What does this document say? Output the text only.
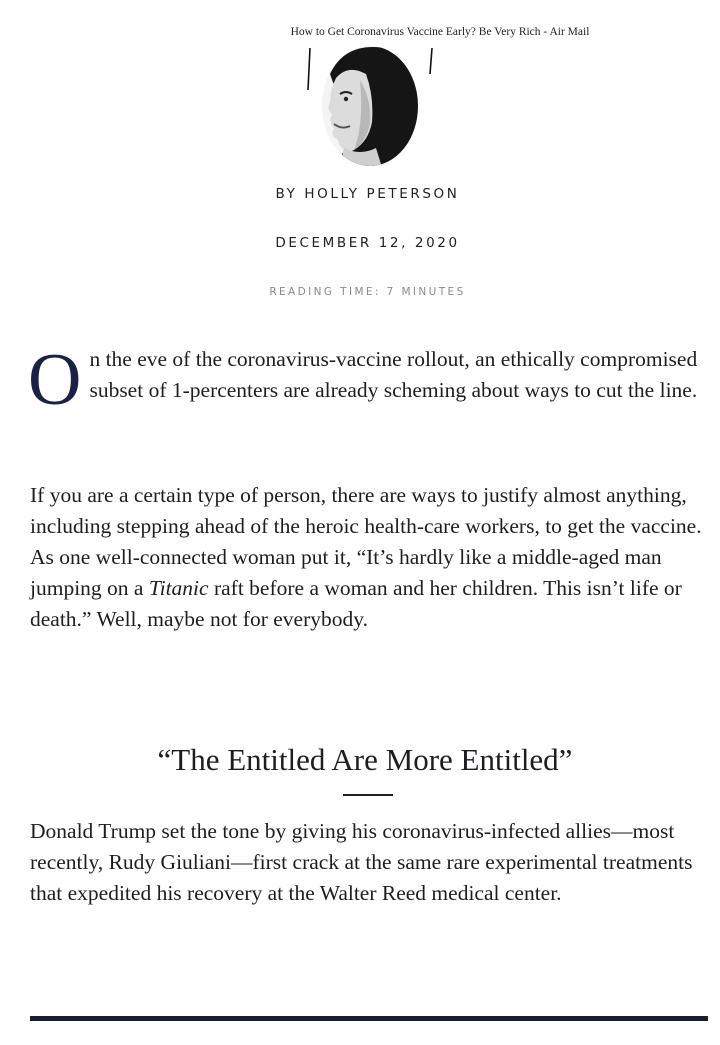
How to Get Coronavirus Vaccine Early? Be Very Rich - Air Mail
BY HOLLY PETERSON
DECEMBER 12, 2020
READING TIME: 7 MINUTES
On the eve of the coronavirus-vaccine rollout, an ethically compromised subset of 1-percenters are already scheming about ways to cut the line.
If you are a certain type of person, there are ways to justify almost anything, including stepping ahead of the heroic health-care workers, to get the vaccine. As one well-connected woman put it, “It’s hardly like a middle-aged man jumping on a Titanic raft before a woman and her children. This isn’t life or death.” Well, maybe not for everybody.
“The Entitled Are More Entitled”
Donald Trump set the tone by giving his coronavirus-infected allies—most recently, Rudy Giuliani—first crack at the same rare experimental treatments that expedited his recovery at the Walter Reed medical center.
